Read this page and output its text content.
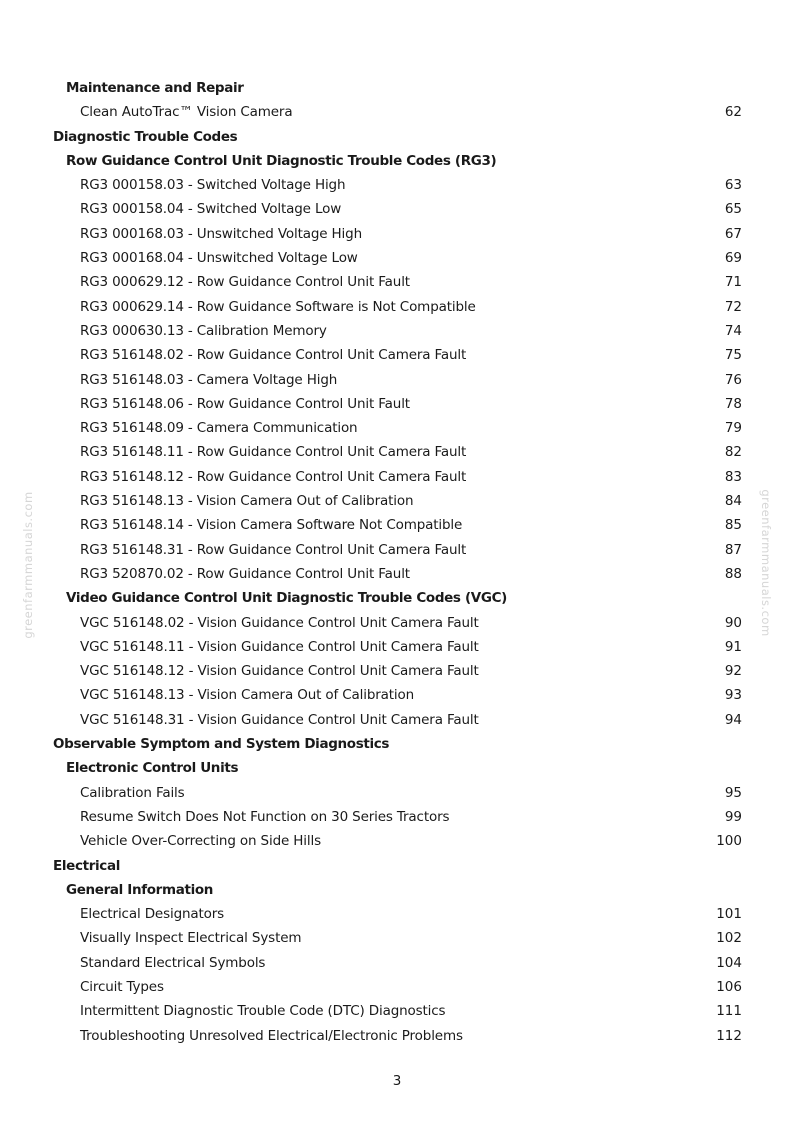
greenfarmmanuals.com	greenfarmmanuals.com
Maintenance and Repair
Clean AutoTrac™ Vision Camera	62
Diagnostic Trouble Codes
Row Guidance Control Unit Diagnostic Trouble Codes (RG3)
RG3 000158.03 - Switched Voltage High	63
RG3 000158.04 - Switched Voltage Low	65
RG3 000168.03 - Unswitched Voltage High	67
RG3 000168.04 - Unswitched Voltage Low	69
RG3 000629.12 - Row Guidance Control Unit Fault	71
RG3 000629.14 - Row Guidance Software is Not Compatible	72
RG3 000630.13 - Calibration Memory	74
RG3 516148.02 - Row Guidance Control Unit Camera Fault	75
RG3 516148.03 - Camera Voltage High	76
RG3 516148.06 - Row Guidance Control Unit Fault	78
RG3 516148.09 - Camera Communication	79
RG3 516148.11 - Row Guidance Control Unit Camera Fault	82
RG3 516148.12 - Row Guidance Control Unit Camera Fault	83
RG3 516148.13 - Vision Camera Out of Calibration	84
RG3 516148.14 - Vision Camera Software Not Compatible	85
RG3 516148.31 - Row Guidance Control Unit Camera Fault	87
RG3 520870.02 - Row Guidance Control Unit Fault	88
Video Guidance Control Unit Diagnostic Trouble Codes (VGC)
VGC 516148.02 - Vision Guidance Control Unit Camera Fault	90
VGC 516148.11 - Vision Guidance Control Unit Camera Fault	91
VGC 516148.12 - Vision Guidance Control Unit Camera Fault	92
VGC 516148.13 - Vision Camera Out of Calibration	93
VGC 516148.31 - Vision Guidance Control Unit Camera Fault	94
Observable Symptom and System Diagnostics
Electronic Control Units
Calibration Fails	95
Resume Switch Does Not Function on 30 Series Tractors	99
Vehicle Over-Correcting on Side Hills	100
Electrical
General Information
Electrical Designators	101
Visually Inspect Electrical System	102
Standard Electrical Symbols	104
Circuit Types	106
Intermittent Diagnostic Trouble Code (DTC) Diagnostics	111
Troubleshooting Unresolved Electrical/Electronic Problems	112
3
